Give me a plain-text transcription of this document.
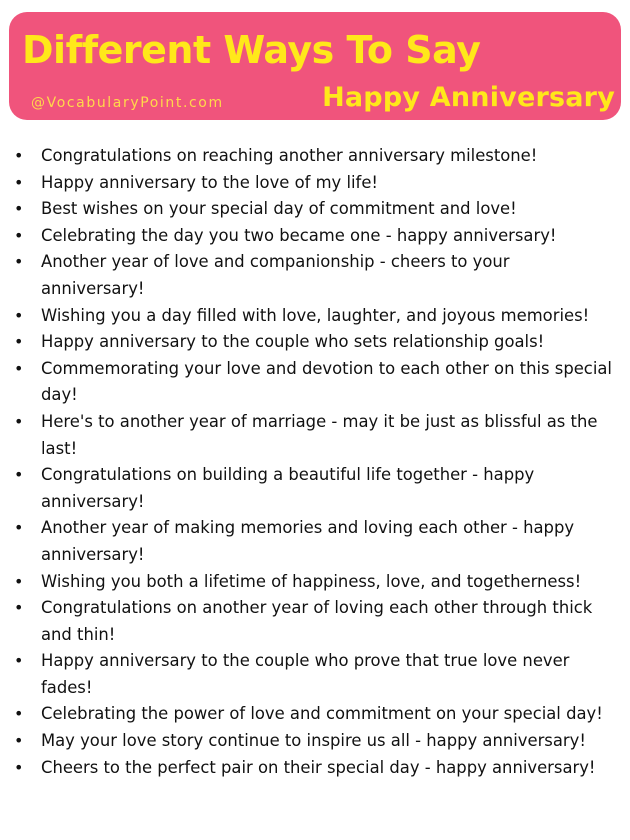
Different Ways To Say
@VocabularyPoint.com	Happy Anniversary
• Congratulations on reaching another anniversary milestone!
• Happy anniversary to the love of my life!
• Best wishes on your special day of commitment and love!
• Celebrating the day you two became one - happy anniversary!
• Another year of love and companionship - cheers to your anniversary!
• Wishing you a day filled with love, laughter, and joyous memories!
• Happy anniversary to the couple who sets relationship goals!
• Commemorating your love and devotion to each other on this special day!
• Here's to another year of marriage - may it be just as blissful as the last!
• Congratulations on building a beautiful life together - happy anniversary!
• Another year of making memories and loving each other - happy anniversary!
• Wishing you both a lifetime of happiness, love, and togetherness!
• Congratulations on another year of loving each other through thick and thin!
• Happy anniversary to the couple who prove that true love never fades!
• Celebrating the power of love and commitment on your special day!
• May your love story continue to inspire us all - happy anniversary!
• Cheers to the perfect pair on their special day - happy anniversary!
